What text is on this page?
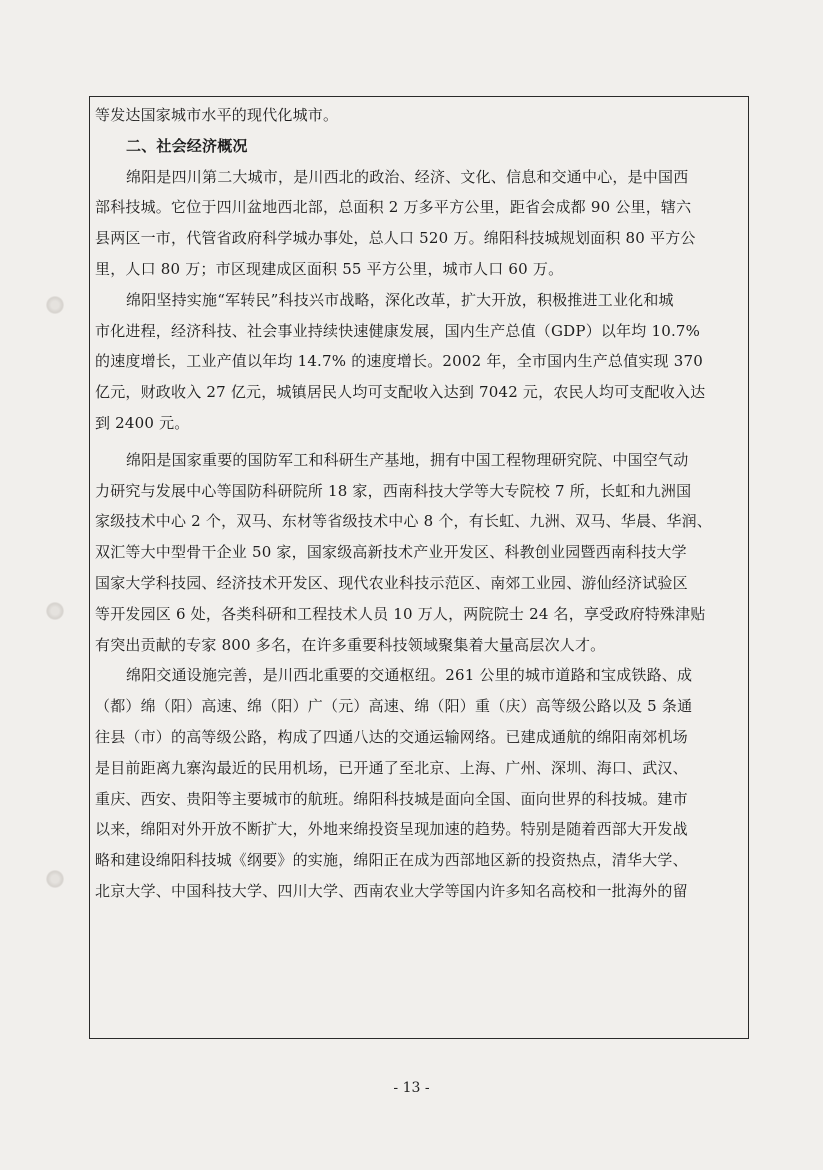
等发达国家城市水平的现代化城市。
二、社会经济概况
绵阳是四川第二大城市，是川西北的政治、经济、文化、信息和交通中心，是中国西
部科技城。它位于四川盆地西北部，总面积 2 万多平方公里，距省会成都 90 公里，辖六
县两区一市，代管省政府科学城办事处，总人口 520 万。绵阳科技城规划面积 80 平方公
里，人口 80 万；市区现建成区面积 55 平方公里，城市人口 60 万。
绵阳坚持实施“军转民”科技兴市战略，深化改革，扩大开放，积极推进工业化和城
市化进程，经济科技、社会事业持续快速健康发展，国内生产总值（GDP）以年均 10.7%
的速度增长，工业产值以年均 14.7% 的速度增长。2002 年，全市国内生产总值实现 370
亿元，财政收入 27 亿元，城镇居民人均可支配收入达到 7042 元，农民人均可支配收入达
到 2400 元。
绵阳是国家重要的国防军工和科研生产基地，拥有中国工程物理研究院、中国空气动
力研究与发展中心等国防科研院所 18 家，西南科技大学等大专院校 7 所，长虹和九洲国
家级技术中心 2 个，双马、东材等省级技术中心 8 个，有长虹、九洲、双马、华晨、华润、
双汇等大中型骨干企业 50 家，国家级高新技术产业开发区、科教创业园暨西南科技大学
国家大学科技园、经济技术开发区、现代农业科技示范区、南郊工业园、游仙经济试验区
等开发园区 6 处，各类科研和工程技术人员 10 万人，两院院士 24 名，享受政府特殊津贴
有突出贡献的专家 800 多名，在许多重要科技领域聚集着大量高层次人才。
绵阳交通设施完善，是川西北重要的交通枢纽。261 公里的城市道路和宝成铁路、成
（都）绵（阳）高速、绵（阳）广（元）高速、绵（阳）重（庆）高等级公路以及 5 条通
往县（市）的高等级公路，构成了四通八达的交通运输网络。已建成通航的绵阳南郊机场
是目前距离九寨沟最近的民用机场，已开通了至北京、上海、广州、深圳、海口、武汉、
重庆、西安、贵阳等主要城市的航班。绵阳科技城是面向全国、面向世界的科技城。建市
以来，绵阳对外开放不断扩大，外地来绵投资呈现加速的趋势。特别是随着西部大开发战
略和建设绵阳科技城《纲要》的实施，绵阳正在成为西部地区新的投资热点，清华大学、
北京大学、中国科技大学、四川大学、西南农业大学等国内许多知名高校和一批海外的留
- 13 -
